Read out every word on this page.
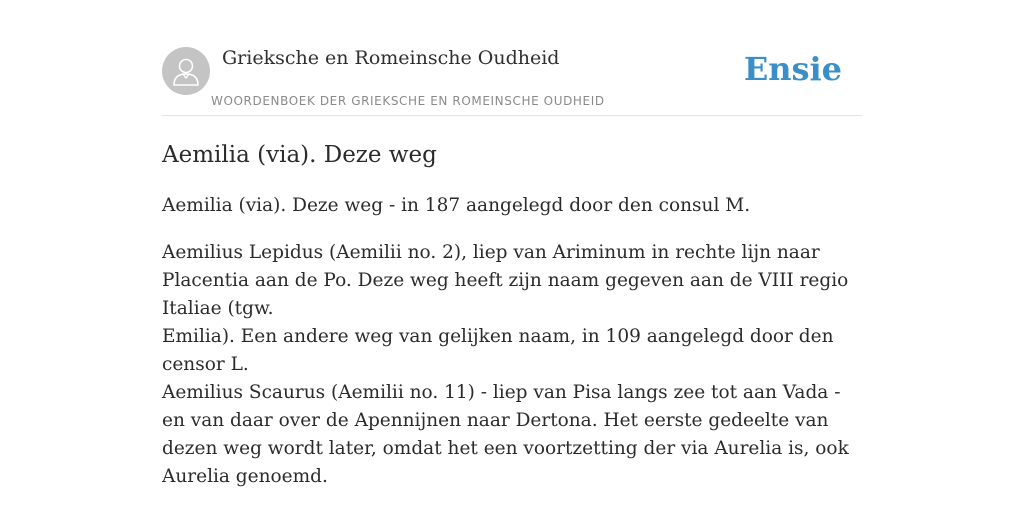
Grieksche en Romeinsche Oudheid
WOORDENBOEK DER GRIEKSCHE EN ROMEINSCHE OUDHEID
Ensie
Aemilia (via). Deze weg

Aemilia (via). Deze weg - in 187 aangelegd door den consul M.

Aemilius Lepidus (Aemilii no. 2), liep van Ariminum in rechte lijn naar Placentia aan de Po. Deze weg heeft zijn naam gegeven aan de VIII regio Italiae (tgw.

Emilia). Een andere weg van gelijken naam, in 109 aangelegd door den censor L.

Aemilius Scaurus (Aemilii no. 11) - liep van Pisa langs zee tot aan Vada - en van daar over de Apennijnen naar Dertona. Het eerste gedeelte van dezen weg wordt later, omdat het een voortzetting der via Aurelia is, ook Aurelia genoemd.
